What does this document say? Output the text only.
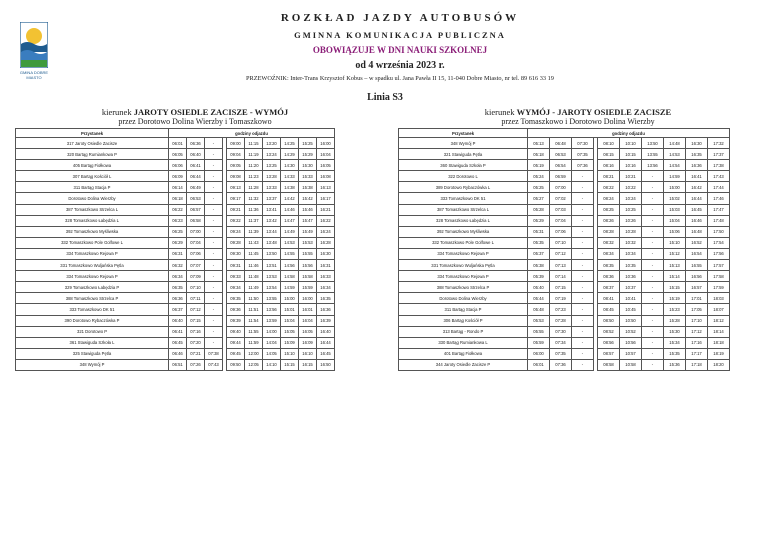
GMINA DOBRE MIASTO
ROZKŁAD JAZDY AUTOBUSÓW
GMINNA KOMUNIKACJA PUBLICZNA
OBOWIĄZUJE W DNI NAUKI SZKOLNEJ
od 4 września 2023 r.
PRZEWOŹNIK: Inter-Trans Krzysztof Kobus – w spadku ul. Jana Pawła II 15, 11-040 Dobre Miasto, nr tel. 89 616 33 19
Linia S3
kierunek JAROTY OSIEDLE ZACISZE - WYMÓJ
przez Dorotowo Dolina Wierzby i Tomaszkowo
kierunek WYMÓJ - JAROTY OSIEDLE ZACISZE
przez Tomaszkowo i Dorotowo Dolina Wierzby
Przystanek	godziny odjazdu									
317 Jaroty Osiedle Zacisze	06:01	06:36	-		09:00	11:15	13:20	14:25	15:25	16:00
320 Bartąg Rumiankowa P	06:05	06:40	-		09:04	11:19	13:24	14:29	15:29	16:04
405 Bartąg Fiołkowa	06:06	06:41	-		09:05	11:20	13:25	14:30	15:30	16:05
307 Bartąg Kościół L	06:09	06:44	-		09:08	11:23	13:28	14:33	15:33	16:08
311 Bartąg Stacja P	06:14	06:49	-		09:13	11:28	13:33	14:38	15:38	16:13
Dorotowo Dolina Wierzby	06:18	06:53	-		09:17	11:32	13:37	14:42	15:42	16:17
387 Tomaszkowo Strzelca L	06:22	06:57	-		09:21	11:36	13:41	14:46	15:46	16:21
328 Tomaszkowo Łabędzia L	06:23	06:58	-		09:22	11:37	13:42	14:47	15:47	16:22
392 Tomaszkowo Myśliwska	06:25	07:00	-		09:24	11:39	13:44	14:49	15:49	16:24
332 Tomaszkowo Pole Golfowe L	06:29	07:04	-		09:28	11:43	13:48	14:53	15:53	16:28
334 Tomaszkowo Rejowa P	06:31	07:06	-		09:30	11:45	13:50	14:55	15:55	16:30
331 Tomaszkowo Wuljańska Pętla	06:32	07:07	-		09:31	11:46	13:51	14:56	15:56	16:31
334 Tomaszkowo Rejowa P	06:34	07:09	-		09:33	11:48	13:53	14:58	15:58	16:33
329 Tomaszkowo Łabędzia P	06:35	07:10	-		09:34	11:49	13:54	14:59	15:59	16:34
388 Tomaszkowo Strzelca P	06:36	07:11	-		09:35	11:50	13:55	15:00	16:00	16:35
333 Tomaszkowo DK 51	06:37	07:12	-		09:36	11:51	13:56	15:01	16:01	16:36
390 Dorotowo Rybaczówka P	06:40	07:15	-		09:39	11:54	13:59	15:04	16:04	16:39
321 Dorotowo P	06:41	07:16	-		09:40	11:55	14:00	15:05	16:05	16:40
361 Stawiguda Szkoła L	06:45	07:20	-		09:44	11:59	14:04	15:09	16:09	16:44
325 Stawiguda Pętla	06:46	07:21	07:38		09:45	12:00	14:05	15:10	16:10	16:45
348 Wymój P	06:51	07:26	07:43		09:50	12:05	14:10	15:15	16:15	16:50
Przystanek	godziny odjazdu									
348 Wymój P	05:13	06:48	07:30		08:10	10:10	13:50	14:48	16:30	17:32
321 Stawiguda Pętla	05:18	06:53	07:35		08:15	10:15	13:55	14:53	16:35	17:37
360 Stawiguda Szkoła P	05:19	06:54	07:36		08:16	10:16	13:56	14:54	16:36	17:38
322 Dorotowo L	05:24	06:59	-		08:21	10:21	-	14:59	16:41	17:43
389 Dorotowo Rybaczówka L	05:25	07:00	-		08:22	10:22	-	15:00	16:42	17:44
333 Tomaszkowo DK 51	05:27	07:02	-		08:24	10:24	-	15:02	16:44	17:46
387 Tomaszkowo Strzelca L	05:28	07:03	-		08:25	10:25	-	15:03	16:45	17:47
328 Tomaszkowo Łabędzia L	05:29	07:04	-		08:26	10:26	-	15:04	16:46	17:48
392 Tomaszkowo Myśliwska	05:31	07:06	-		08:28	10:28	-	15:06	16:48	17:50
332 Tomaszkowo Pole Golfowe L	05:35	07:10	-		08:32	10:32	-	15:10	16:52	17:54
334 Tomaszkowo Rejowa P	05:37	07:12	-		08:34	10:34	-	15:12	16:54	17:56
331 Tomaszkowo Wuljańska Pętla	05:38	07:13	-		08:35	10:35	-	15:13	16:55	17:57
334 Tomaszkowo Rejowa P	05:39	07:14	-		08:36	10:36	-	15:14	16:56	17:58
388 Tomaszkowo Strzelca P	05:40	07:15	-		08:37	10:37	-	15:15	16:57	17:59
Dorotowo Dolina Wierzby	05:44	07:19	-		08:41	10:41	-	15:19	17:01	18:03
311 Bartąg Stacja P	05:48	07:23	-		08:45	10:45	-	15:23	17:05	18:07
306 Bartąg Kościół P	05:53	07:28	-		08:50	10:50	-	15:28	17:10	18:12
313 Bartąg - Rondo P	05:55	07:30	-		08:52	10:52	-	15:30	17:12	18:14
330 Bartąg Rumiankowa L	05:59	07:34	-		08:56	10:56	-	15:34	17:16	18:18
401 Bartąg Fiołkowa	06:00	07:35	-		08:57	10:57	-	15:35	17:17	18:19
344 Jaroty Osiedle Zacisze P	06:01	07:36	-		08:58	10:58	-	15:36	17:18	18:20
